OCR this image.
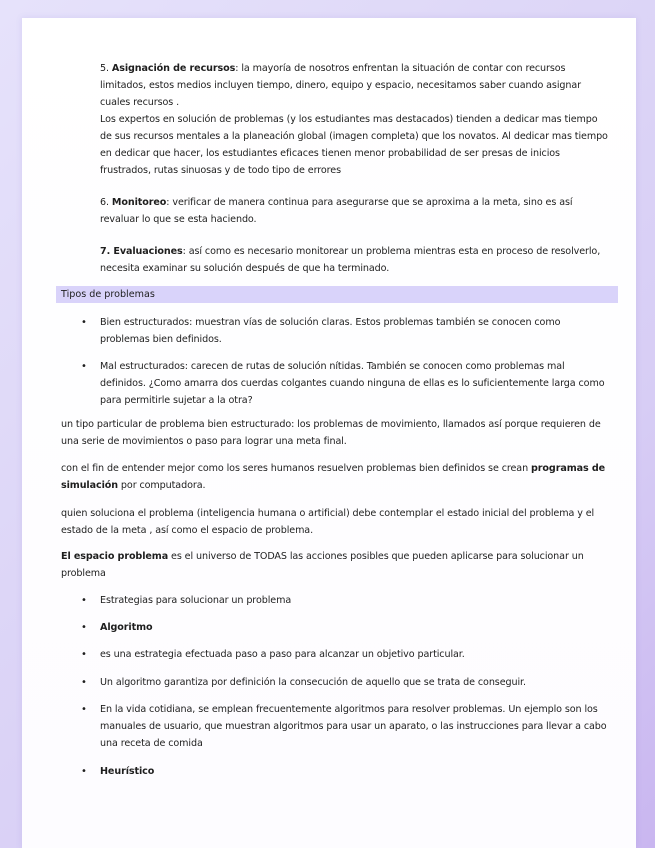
5. Asignación de recursos: la mayoría de nosotros enfrentan la situación de contar con recursos limitados, estos medios incluyen tiempo, dinero, equipo y espacio, necesitamos saber cuando asignar cuales recursos .
Los expertos en solución de problemas (y los estudiantes mas destacados) tienden a dedicar mas tiempo de sus recursos mentales a la planeación global (imagen completa) que los novatos. Al dedicar mas tiempo en dedicar que hacer, los estudiantes eficaces tienen menor probabilidad de ser presas de inicios frustrados, rutas sinuosas y de todo tipo de errores
6. Monitoreo: verificar de manera continua para asegurarse que se aproxima a la meta, sino es así revaluar lo que se esta haciendo.
7. Evaluaciones: así como es necesario monitorear un problema mientras esta en proceso de resolverlo, necesita examinar su solución después de que ha terminado.
Tipos de problemas
• Bien estructurados: muestran vías de solución claras. Estos problemas también se conocen como problemas bien definidos.
• Mal estructurados: carecen de rutas de solución nítidas. También se conocen como problemas mal definidos. ¿Como amarra dos cuerdas colgantes cuando ninguna de ellas es lo suficientemente larga como para permitirle sujetar a la otra?
un tipo particular de problema bien estructurado: los problemas de movimiento, llamados así porque requieren de una serie de movimientos o paso para lograr una meta final.
con el fin de entender mejor como los seres humanos resuelven problemas bien definidos se crean programas de simulación por computadora.
quien soluciona el problema (inteligencia humana o artificial) debe contemplar el estado inicial del problema y el estado de la meta , así como el espacio de problema.
El espacio problema es el universo de TODAS las acciones posibles que pueden aplicarse para solucionar un problema
• Estrategias para solucionar un problema
• Algoritmo
• es una estrategia efectuada paso a paso para alcanzar un objetivo particular.
• Un algoritmo garantiza por definición la consecución de aquello que se trata de conseguir.
• En la vida cotidiana, se emplean frecuentemente algoritmos para resolver problemas. Un ejemplo son los manuales de usuario, que muestran algoritmos para usar un aparato, o las instrucciones para llevar a cabo una receta de comida
• Heurístico
